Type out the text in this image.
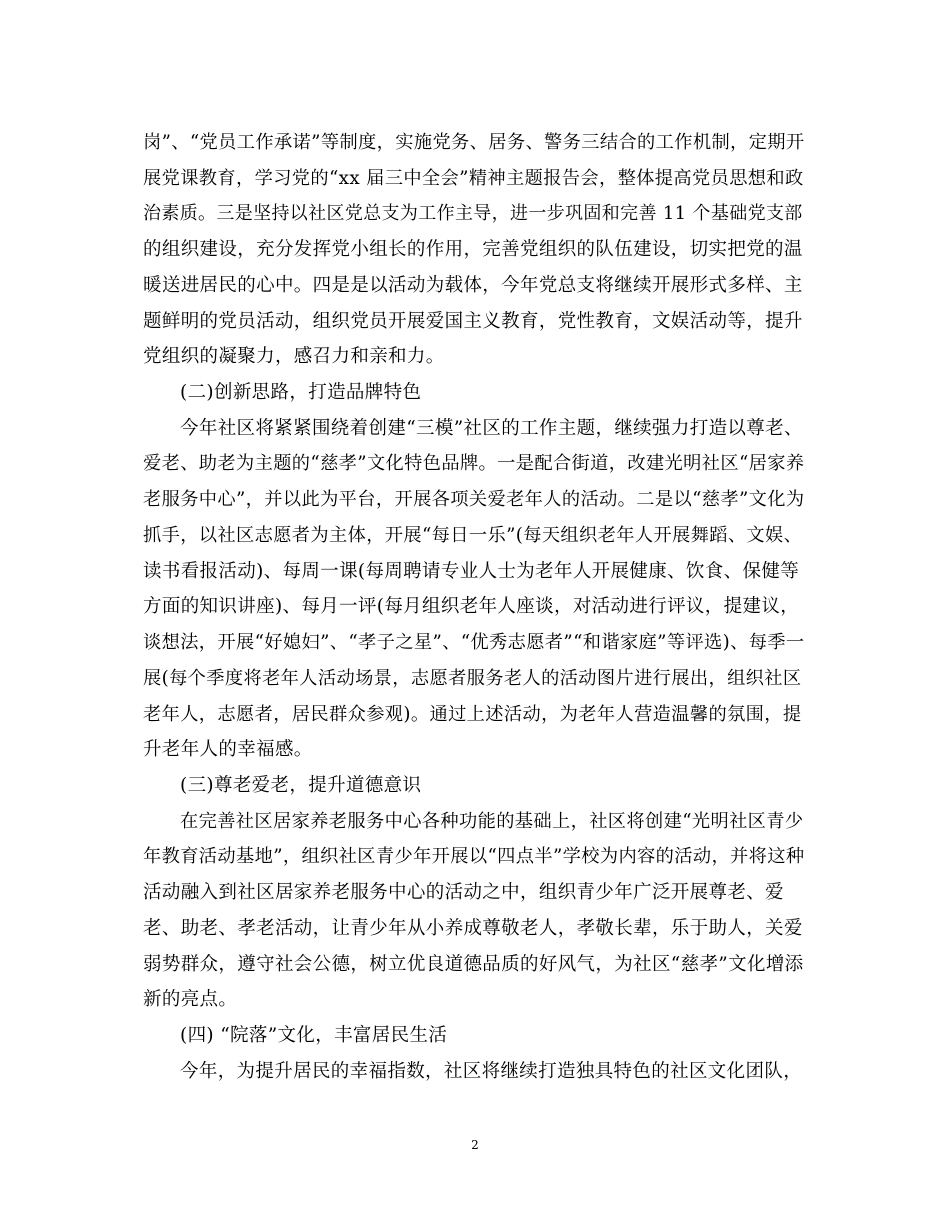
岗”、“党员工作承诺”等制度，实施党务、居务、警务三结合的工作机制，定期开
展党课教育，学习党的“xx 届三中全会”精神主题报告会，整体提高党员思想和政
治素质。三是坚持以社区党总支为工作主导，进一步巩固和完善 11 个基础党支部
的组织建设，充分发挥党小组长的作用，完善党组织的队伍建设，切实把党的温
暖送进居民的心中。四是是以活动为载体，今年党总支将继续开展形式多样、主
题鲜明的党员活动，组织党员开展爱国主义教育，党性教育，文娱活动等，提升
党组织的凝聚力，感召力和亲和力。
(二)创新思路，打造品牌特色
今年社区将紧紧围绕着创建“三模”社区的工作主题，继续强力打造以尊老、
爱老、助老为主题的“慈孝”文化特色品牌。一是配合街道，改建光明社区“居家养
老服务中心”，并以此为平台，开展各项关爱老年人的活动。二是以“慈孝”文化为
抓手，以社区志愿者为主体，开展“每日一乐”(每天组织老年人开展舞蹈、文娱、
读书看报活动)、每周一课(每周聘请专业人士为老年人开展健康、饮食、保健等
方面的知识讲座)、每月一评(每月组织老年人座谈，对活动进行评议，提建议，
谈想法，开展“好媳妇”、“孝子之星”、“优秀志愿者”“和谐家庭”等评选)、每季一
展(每个季度将老年人活动场景，志愿者服务老人的活动图片进行展出，组织社区
老年人，志愿者，居民群众参观)。通过上述活动，为老年人营造温馨的氛围，提
升老年人的幸福感。
(三)尊老爱老，提升道德意识
在完善社区居家养老服务中心各种功能的基础上，社区将创建“光明社区青少
年教育活动基地”，组织社区青少年开展以“四点半”学校为内容的活动，并将这种
活动融入到社区居家养老服务中心的活动之中，组织青少年广泛开展尊老、爱
老、助老、孝老活动，让青少年从小养成尊敬老人，孝敬长辈，乐于助人，关爱
弱势群众，遵守社会公德，树立优良道德品质的好风气，为社区“慈孝”文化增添
新的亮点。
(四) “院落”文化，丰富居民生活
今年，为提升居民的幸福指数，社区将继续打造独具特色的社区文化团队，
2
